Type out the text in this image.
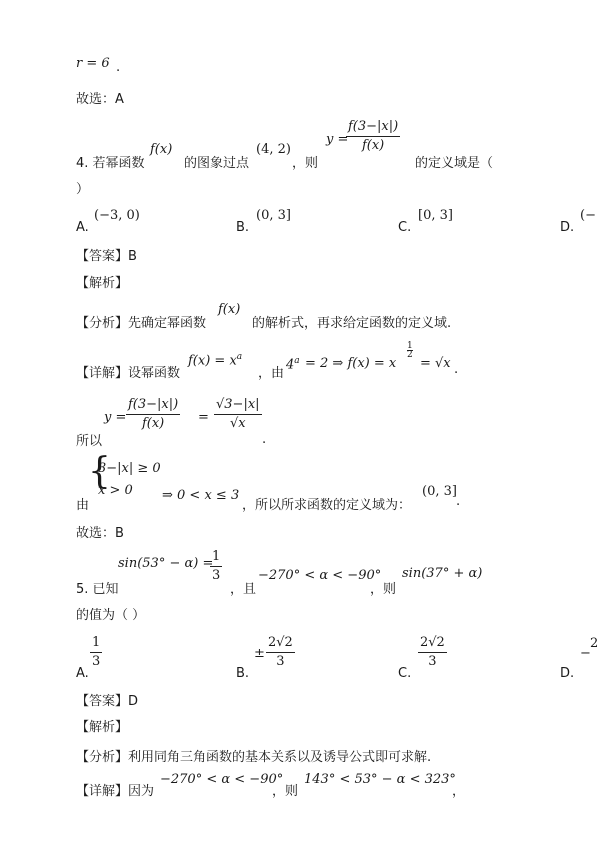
r = 6 .
故选：A
4. 若幂函数
f(x)
的图象过点
(4, 2)
，则
y =
$\frac{f(3-|x|)}{f(x)}$
的定义域是（
）
A.
(−3, 0)
B.
(0, 3]
C.
[0, 3]
D.
(−
【答案】B
【解析】
【分析】先确定幂函数
f(x)
的解析式，再求给定函数的定义域.
【详解】设幂函数
$f(x) = x^a$
，由
$4^a = 2$ ⇒ f(x) = x
$\frac{1}{2}$
= √x .
$y = \frac{f(3-|x|)}{f(x)} = \frac{√3-|x|}{√x}$
.
所以
{
3−|x| ≥ 0
x > 0
由
⇒ 0 < x ≤ 3
，所以所求函数的定义域为：
(0, 3]
.
故选：B
5. 已知
sin(53° − α) =
$\frac{1}{3}$
，且
−270° < α < −90°
，则
sin(37° + α)
的值为（ ）
A.
$\frac{1}{3}$
B.
± $\frac{2√2}{3}$
C.
$\frac{2√2}{3}$
D.
−
2
【答案】D
【解析】
【分析】利用同角三角函数的基本关系以及诱导公式即可求解.
【详解】因为
−270° < α < −90°
，则
143° < 53° − α < 323°
，
